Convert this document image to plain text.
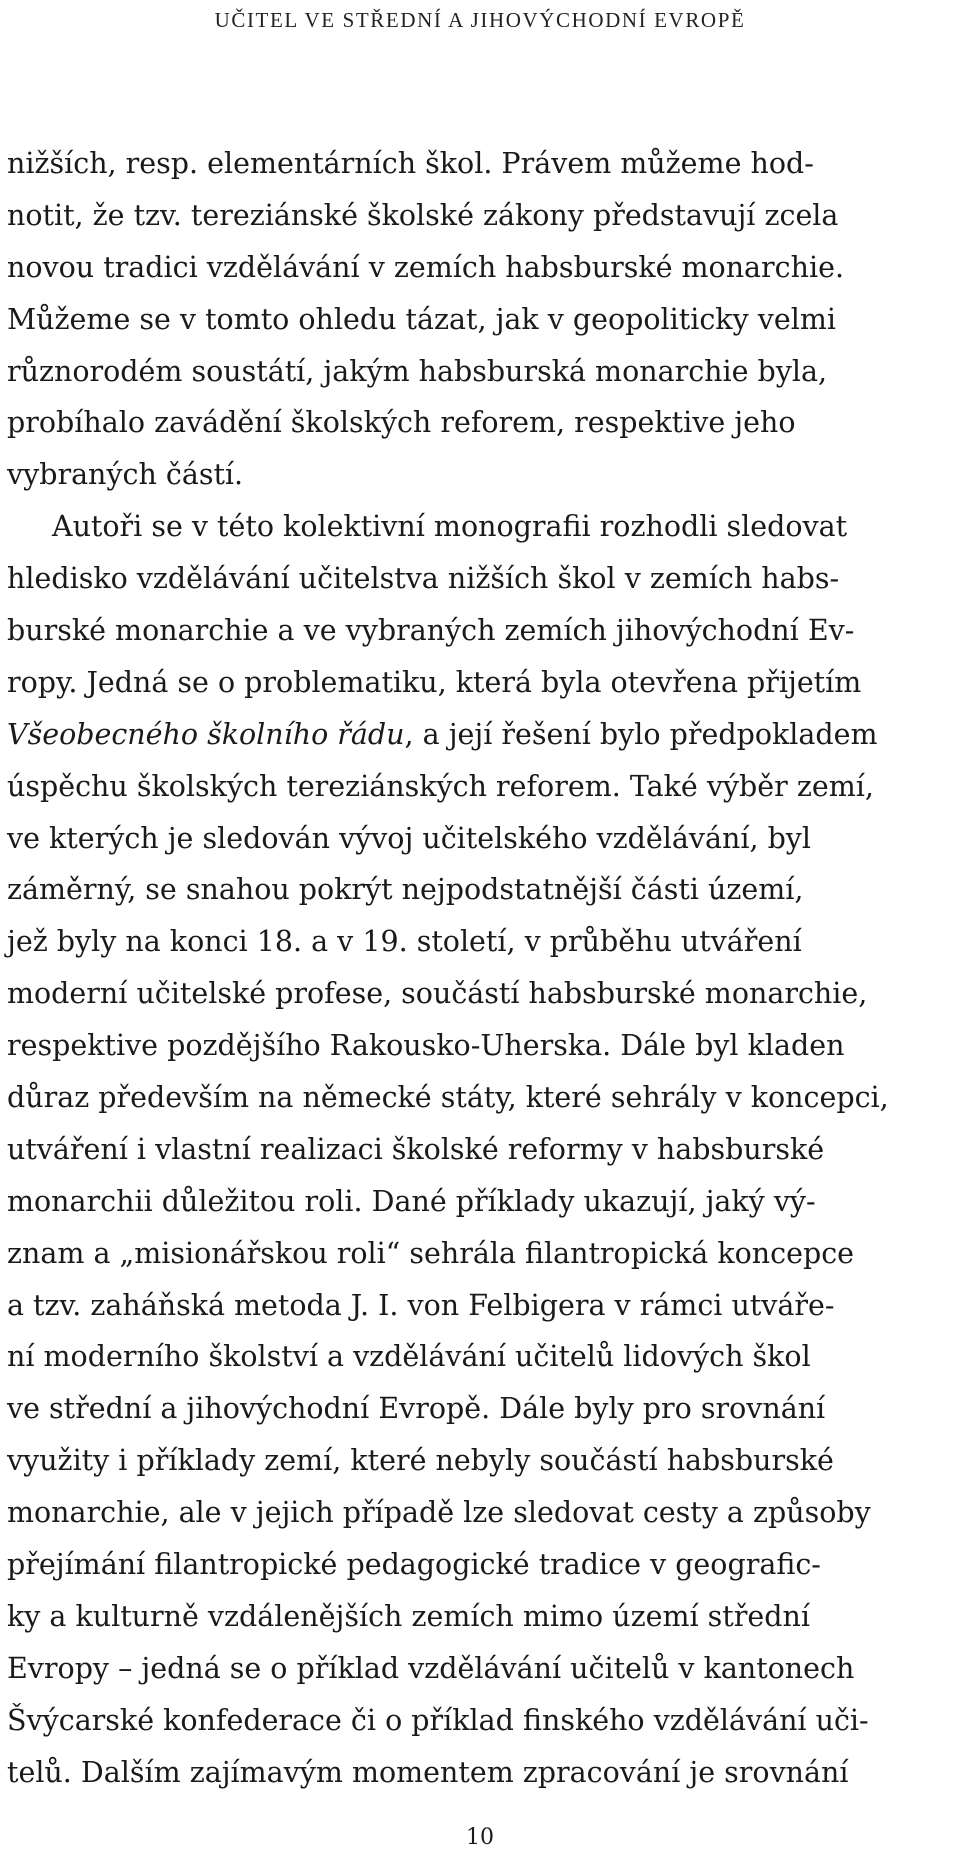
UČITEL VE STŘEDNÍ A JIHOVÝCHODNÍ EVROPĚ
nižších, resp. elementárních škol. Právem můžeme hod-
notit, že tzv. tereziánské školské zákony představují zcela
novou tradici vzdělávání v zemích habsburské monarchie.
Můžeme se v tomto ohledu tázat, jak v geopoliticky velmi
různorodém soustátí, jakým habsburská monarchie byla,
probíhalo zavádění školských reforem, respektive jeho
vybraných částí.
Autoři se v této kolektivní monografii rozhodli sledovat
hledisko vzdělávání učitelstva nižších škol v zemích habs-
burské monarchie a ve vybraných zemích jihovýchodní Ev-
ropy. Jedná se o problematiku, která byla otevřena přijetím
Všeobecného školního řádu, a její řešení bylo předpokladem
úspěchu školských tereziánských reforem. Také výběr zemí,
ve kterých je sledován vývoj učitelského vzdělávání, byl
záměrný, se snahou pokrýt nejpodstatnější části území,
jež byly na konci 18. a v 19. století, v průběhu utváření
moderní učitelské profese, součástí habsburské monarchie,
respektive pozdějšího Rakousko-Uherska. Dále byl kladen
důraz především na německé státy, které sehrály v koncepci,
utváření i vlastní realizaci školské reformy v habsburské
monarchii důležitou roli. Dané příklady ukazují, jaký vý-
znam a „misionářskou roli“ sehrála filantropická koncepce
a tzv. zaháňská metoda J. I. von Felbigera v rámci utváře-
ní moderního školství a vzdělávání učitelů lidových škol
ve střední a jihovýchodní Evropě. Dále byly pro srovnání
využity i příklady zemí, které nebyly součástí habsburské
monarchie, ale v jejich případě lze sledovat cesty a způsoby
přejímání filantropické pedagogické tradice v geografic-
ky a kulturně vzdálenějších zemích mimo území střední
Evropy – jedná se o příklad vzdělávání učitelů v kantonech
Švýcarské konfederace či o příklad finského vzdělávání uči-
telů. Dalším zajímavým momentem zpracování je srovnání
10
